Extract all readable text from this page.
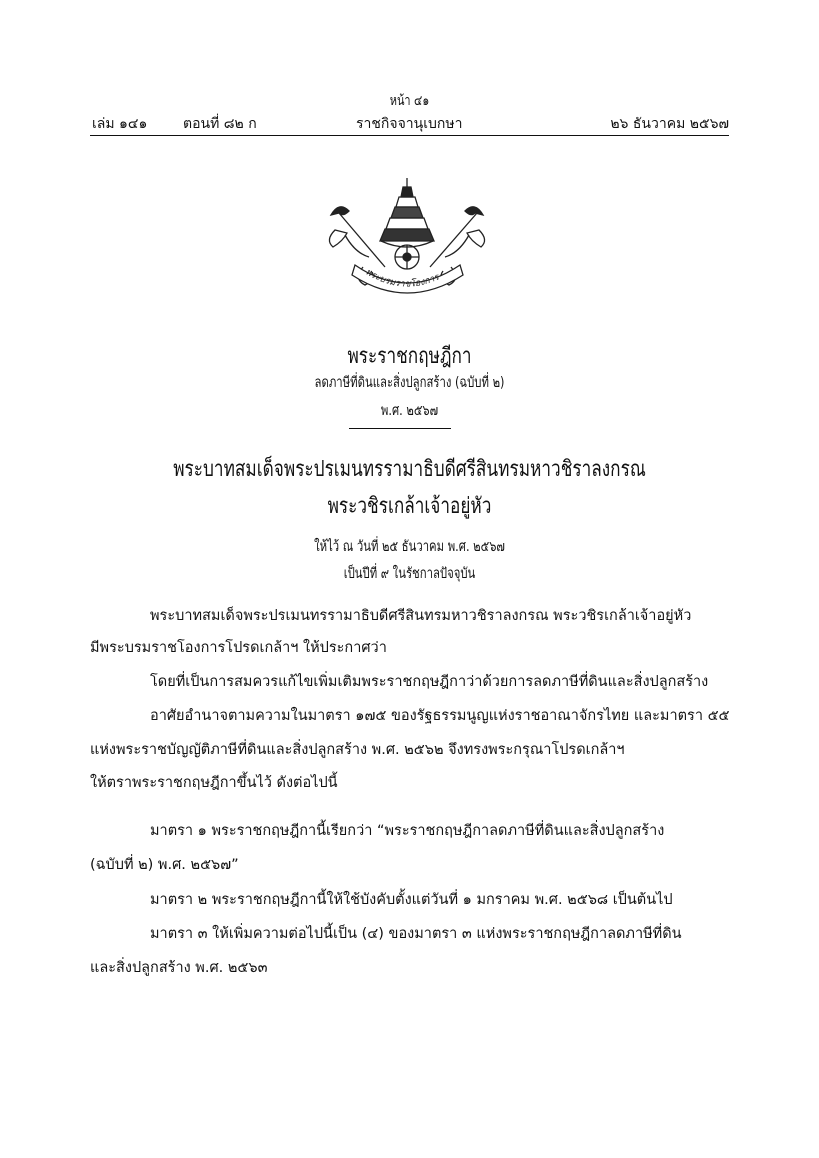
หน้า ๔๑
เล่ม ๑๔๑	ตอนที่ ๘๒ ก	ราชกิจจานุเบกษา	๒๖ ธันวาคม ๒๕๖๗
พระบรมราชโองการ
พระราชกฤษฎีกา
ลดภาษีที่ดินและสิ่งปลูกสร้าง (ฉบับที่ ๒)
พ.ศ. ๒๕๖๗
พระบาทสมเด็จพระปรเมนทรรามาธิบดีศรีสินทรมหาวชิราลงกรณ
พระวชิรเกล้าเจ้าอยู่หัว
ให้ไว้ ณ วันที่ ๒๕ ธันวาคม พ.ศ. ๒๕๖๗
เป็นปีที่ ๙ ในรัชกาลปัจจุบัน
พระบาทสมเด็จพระปรเมนทรรามาธิบดีศรีสินทรมหาวชิราลงกรณ พระวชิรเกล้าเจ้าอยู่หัว
มีพระบรมราชโองการโปรดเกล้าฯ ให้ประกาศว่า
โดยที่เป็นการสมควรแก้ไขเพิ่มเติมพระราชกฤษฎีกาว่าด้วยการลดภาษีที่ดินและสิ่งปลูกสร้าง
อาศัยอำนาจตามความในมาตรา ๑๗๕ ของรัฐธรรมนูญแห่งราชอาณาจักรไทย และมาตรา ๕๕
แห่งพระราชบัญญัติภาษีที่ดินและสิ่งปลูกสร้าง พ.ศ. ๒๕๖๒ จึงทรงพระกรุณาโปรดเกล้าฯ
ให้ตราพระราชกฤษฎีกาขึ้นไว้ ดังต่อไปนี้
มาตรา ๑ พระราชกฤษฎีกานี้เรียกว่า “พระราชกฤษฎีกาลดภาษีที่ดินและสิ่งปลูกสร้าง
(ฉบับที่ ๒) พ.ศ. ๒๕๖๗”
มาตรา ๒ พระราชกฤษฎีกานี้ให้ใช้บังคับตั้งแต่วันที่ ๑ มกราคม พ.ศ. ๒๕๖๘ เป็นต้นไป
มาตรา ๓ ให้เพิ่มความต่อไปนี้เป็น (๔) ของมาตรา ๓ แห่งพระราชกฤษฎีกาลดภาษีที่ดิน
และสิ่งปลูกสร้าง พ.ศ. ๒๕๖๓
